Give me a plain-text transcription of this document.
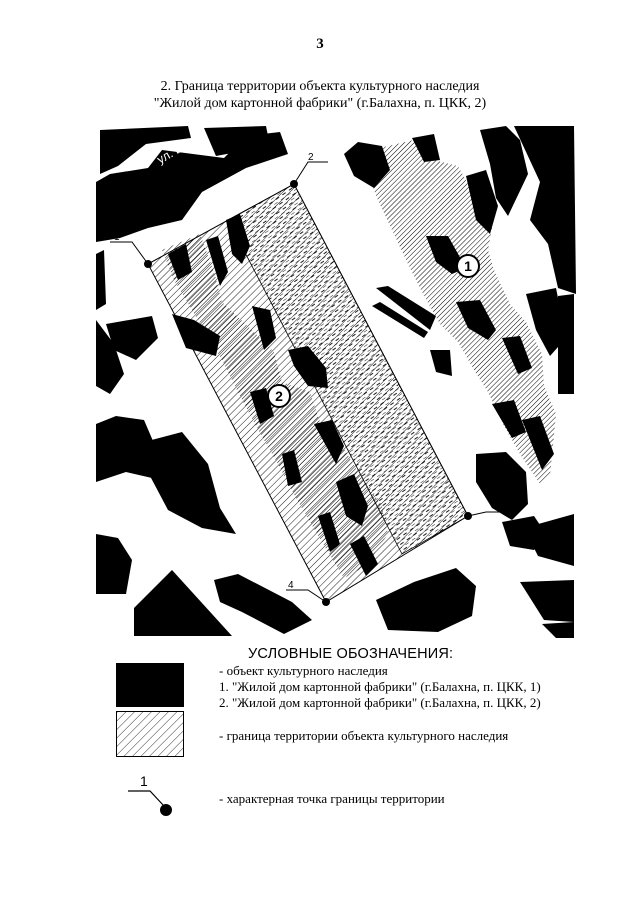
3
2. Граница территории объекта культурного наследия
"Жилой дом картонной фабрики" (г.Балахна, п. ЦКК, 2)
ул. ЦКК
1
2
3
4
1
2
УСЛОВНЫЕ ОБОЗНАЧЕНИЯ:
- объект культурного наследия
1. "Жилой дом картонной фабрики" (г.Балахна, п. ЦКК, 1)
2. "Жилой дом картонной фабрики" (г.Балахна, п. ЦКК, 2)
- граница территории объекта культурного наследия
1
- характерная точка границы территории
